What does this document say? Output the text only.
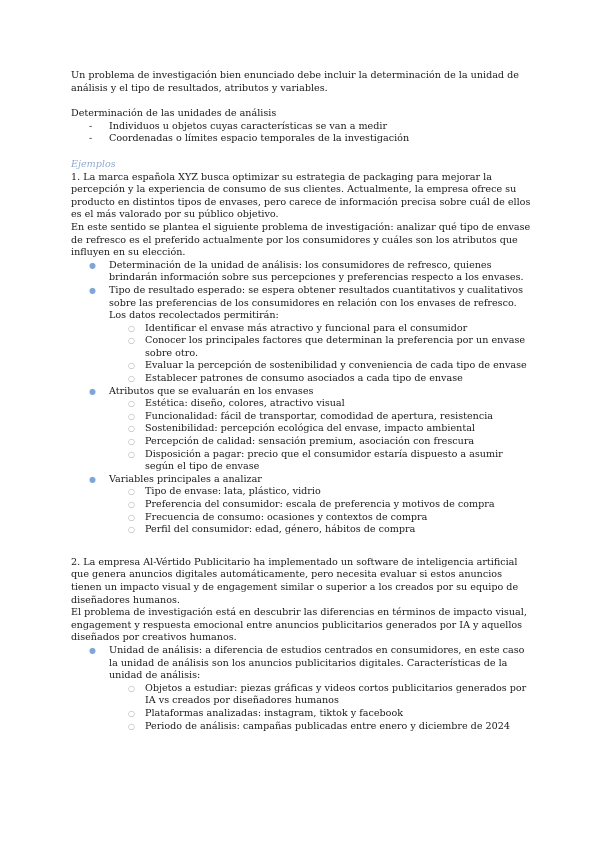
Un problema de investigación bien enunciado debe incluir la determinación de la unidad de análisis y el tipo de resultados, atributos y variables.

Determinación de las unidades de análisis

- Individuos u objetos cuyas características se van a medir
- Coordenadas o límites espacio temporales de la investigación

Ejemplos

1. La marca española XYZ busca optimizar su estrategia de packaging para mejorar la percepción y la experiencia de consumo de sus clientes. Actualmente, la empresa ofrece su producto en distintos tipos de envases, pero carece de información precisa sobre cuál de ellos es el más valorado por su público objetivo.

En este sentido se plantea el siguiente problema de investigación: analizar qué tipo de envase de refresco es el preferido actualmente por los consumidores y cuáles son los atributos que influyen en su elección.

● Determinación de la unidad de análisis: los consumidores de refresco, quienes brindarán información sobre sus percepciones y preferencias respecto a los envases.
● Tipo de resultado esperado: se espera obtener resultados cuantitativos y cualitativos sobre las preferencias de los consumidores en relación con los envases de refresco. Los datos recolectados permitirán:
○ Identificar el envase más atractivo y funcional para el consumidor
○ Conocer los principales factores que determinan la preferencia por un envase sobre otro.
○ Evaluar la percepción de sostenibilidad y conveniencia de cada tipo de envase
○ Establecer patrones de consumo asociados a cada tipo de envase
● Atributos que se evaluarán en los envases
○ Estética: diseño, colores, atractivo visual
○ Funcionalidad: fácil de transportar, comodidad de apertura, resistencia
○ Sostenibilidad: percepción ecológica del envase, impacto ambiental
○ Percepción de calidad: sensación premium, asociación con frescura
○ Disposición a pagar: precio que el consumidor estaría dispuesto a asumir según el tipo de envase
● Variables principales a analizar
○ Tipo de envase: lata, plástico, vidrio
○ Preferencia del consumidor: escala de preferencia y motivos de compra
○ Frecuencia de consumo: ocasiones y contextos de compra
○ Perfil del consumidor: edad, género, hábitos de compra

2. La empresa Al-Vértido Publicitario ha implementado un software de inteligencia artificial que genera anuncios digitales automáticamente, pero necesita evaluar si estos anuncios tienen un impacto visual y de engagement similar o superior a los creados por su equipo de diseñadores humanos.

El problema de investigación está en descubrir las diferencias en términos de impacto visual, engagement y respuesta emocional entre anuncios publicitarios generados por IA y aquellos diseñados por creativos humanos.

● Unidad de análisis: a diferencia de estudios centrados en consumidores, en este caso la unidad de análisis son los anuncios publicitarios digitales. Características de la unidad de análisis:
○ Objetos a estudiar: piezas gráficas y videos cortos publicitarios generados por IA vs creados por diseñadores humanos
○ Plataformas analizadas: instagram, tiktok y facebook
○ Periodo de análisis: campañas publicadas entre enero y diciembre de 2024
